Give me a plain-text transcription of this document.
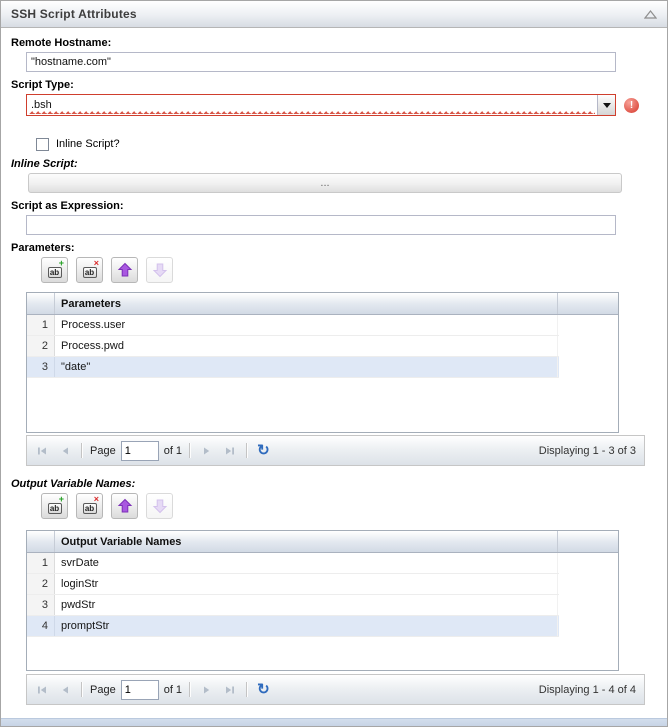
SSH Script Attributes
Remote Hostname:
"hostname.com"
Script Type:
.bsh
!
Inline Script?
Inline Script:
...
Script as Expression:
Parameters:
ab
+
ab
×
Parameters
1	Process.user
2	Process.pwd
3	"date"
Page
1	of 1	↻	Displaying 1 - 3 of 3
Output Variable Names:
ab
+
ab
×
Output Variable Names
1	svrDate
2	loginStr
3	pwdStr
4	promptStr
Page
1	of 1	↻	Displaying 1 - 4 of 4
